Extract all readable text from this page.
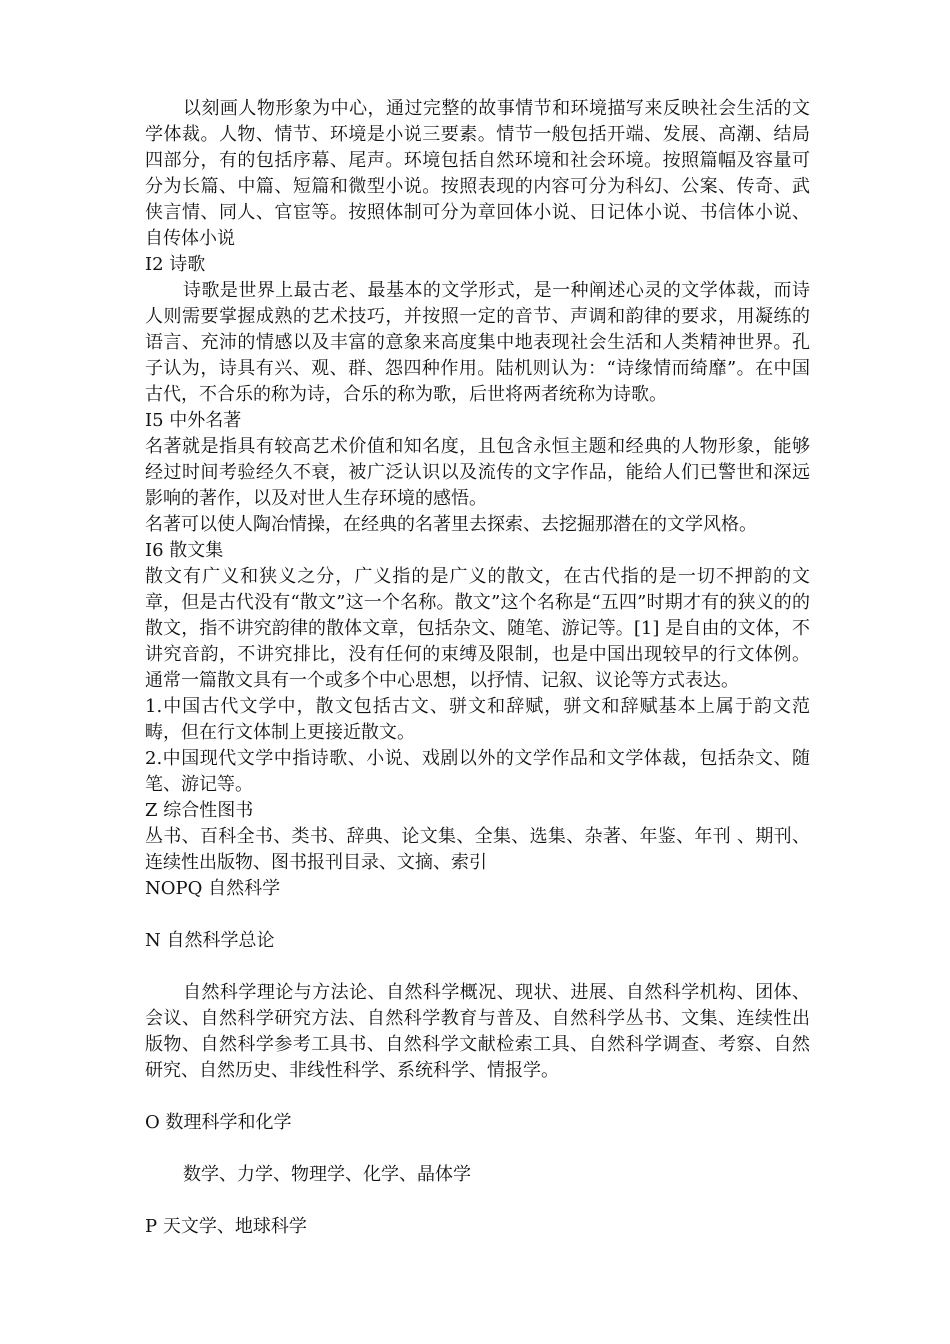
以刻画人物形象为中心，通过完整的故事情节和环境描写来反映社会生活的文学体裁。人物、情节、环境是小说三要素。情节一般包括开端、发展、高潮、结局四部分，有的包括序幕、尾声。环境包括自然环境和社会环境。按照篇幅及容量可分为长篇、中篇、短篇和微型小说。按照表现的内容可分为科幻、公案、传奇、武侠言情、同人、官宦等。按照体制可分为章回体小说、日记体小说、书信体小说、自传体小说

I2 诗歌

诗歌是世界上最古老、最基本的文学形式，是一种阐述心灵的文学体裁，而诗人则需要掌握成熟的艺术技巧，并按照一定的音节、声调和韵律的要求，用凝练的语言、充沛的情感以及丰富的意象来高度集中地表现社会生活和人类精神世界。孔子认为，诗具有兴、观、群、怨四种作用。陆机则认为：“诗缘情而绮靡”。在中国古代，不合乐的称为诗，合乐的称为歌，后世将两者统称为诗歌。

I5 中外名著

名著就是指具有较高艺术价值和知名度，且包含永恒主题和经典的人物形象，能够经过时间考验经久不衰，被广泛认识以及流传的文字作品，能给人们已警世和深远影响的著作，以及对世人生存环境的感悟。

名著可以使人陶冶情操，在经典的名著里去探索、去挖掘那潜在的文学风格。

I6 散文集

散文有广义和狭义之分，广义指的是广义的散文，在古代指的是一切不押韵的文章，但是古代没有“散文”这一个名称。散文”这个名称是“五四”时期才有的狭义的的散文，指不讲究韵律的散体文章，包括杂文、随笔、游记等。[1] 是自由的文体，不讲究音韵，不讲究排比，没有任何的束缚及限制，也是中国出现较早的行文体例。通常一篇散文具有一个或多个中心思想，以抒情、记叙、议论等方式表达。

1.中国古代文学中，散文包括古文、骈文和辞赋，骈文和辞赋基本上属于韵文范畴，但在行文体制上更接近散文。

2.中国现代文学中指诗歌、小说、戏剧以外的文学作品和文学体裁，包括杂文、随笔、游记等。

Z 综合性图书

丛书、百科全书、类书、辞典、论文集、全集、选集、杂著、年鉴、年刊 、期刊、连续性出版物、图书报刊目录、文摘、索引

NOPQ 自然科学

N 自然科学总论

自然科学理论与方法论、自然科学概况、现状、进展、自然科学机构、团体、会议、自然科学研究方法、自然科学教育与普及、自然科学丛书、文集、连续性出版物、自然科学参考工具书、自然科学文献检索工具、自然科学调查、考察、自然研究、自然历史、非线性科学、系统科学、情报学。

O 数理科学和化学

数学、力学、物理学、化学、晶体学

P 天文学、地球科学
